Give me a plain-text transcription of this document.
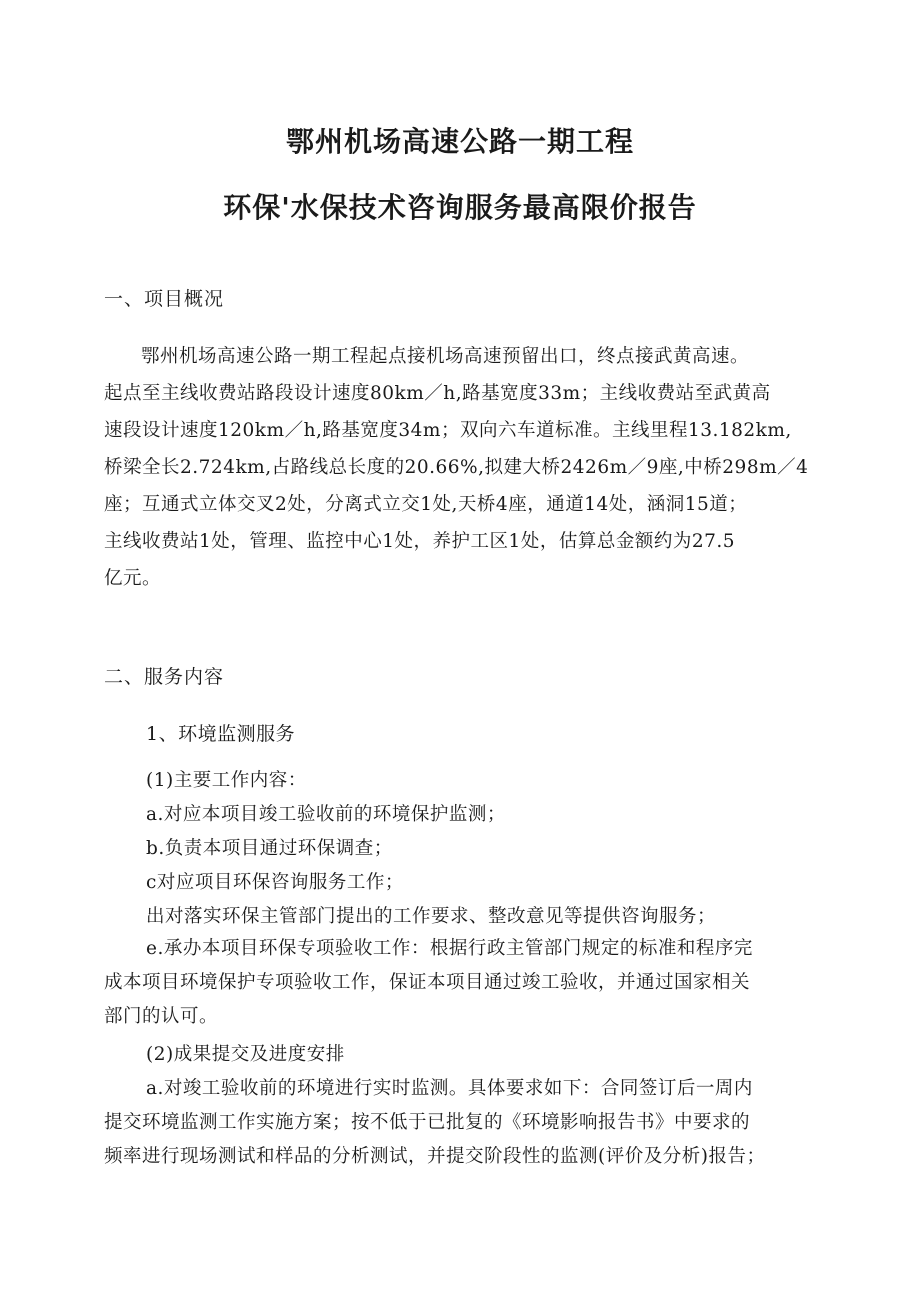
鄂州机场高速公路一期工程
环保'水保技术咨询服务最高限价报告
一、项目概况
鄂州机场高速公路一期工程起点接机场高速预留出口，终点接武黄高速。
起点至主线收费站路段设计速度80km／h,路基宽度33m；主线收费站至武黄高
速段设计速度120km／h,路基宽度34m；双向六车道标准。主线里程13.182km,
桥梁全长2.724km,占路线总长度的20.66%,拟建大桥2426m／9座,中桥298m／4
座；互通式立体交叉2处，分离式立交1处,天桥4座，通道14处，涵洞15道；
主线收费站1处，管理、监控中心1处，养护工区1处，估算总金额约为27.5
亿元。
二、服务内容
1、环境监测服务
(1)主要工作内容：
a.对应本项目竣工验收前的环境保护监测；
b.负责本项目通过环保调查；
c对应项目环保咨询服务工作；
出对落实环保主管部门提出的工作要求、整改意见等提供咨询服务；
e.承办本项目环保专项验收工作：根据行政主管部门规定的标准和程序完
成本项目环境保护专项验收工作，保证本项目通过竣工验收，并通过国家相关
部门的认可。
(2)成果提交及进度安排
a.对竣工验收前的环境进行实时监测。具体要求如下：合同签订后一周内
提交环境监测工作实施方案；按不低于已批复的《环境影响报告书》中要求的
频率进行现场测试和样品的分析测试，并提交阶段性的监测(评价及分析)报告；
